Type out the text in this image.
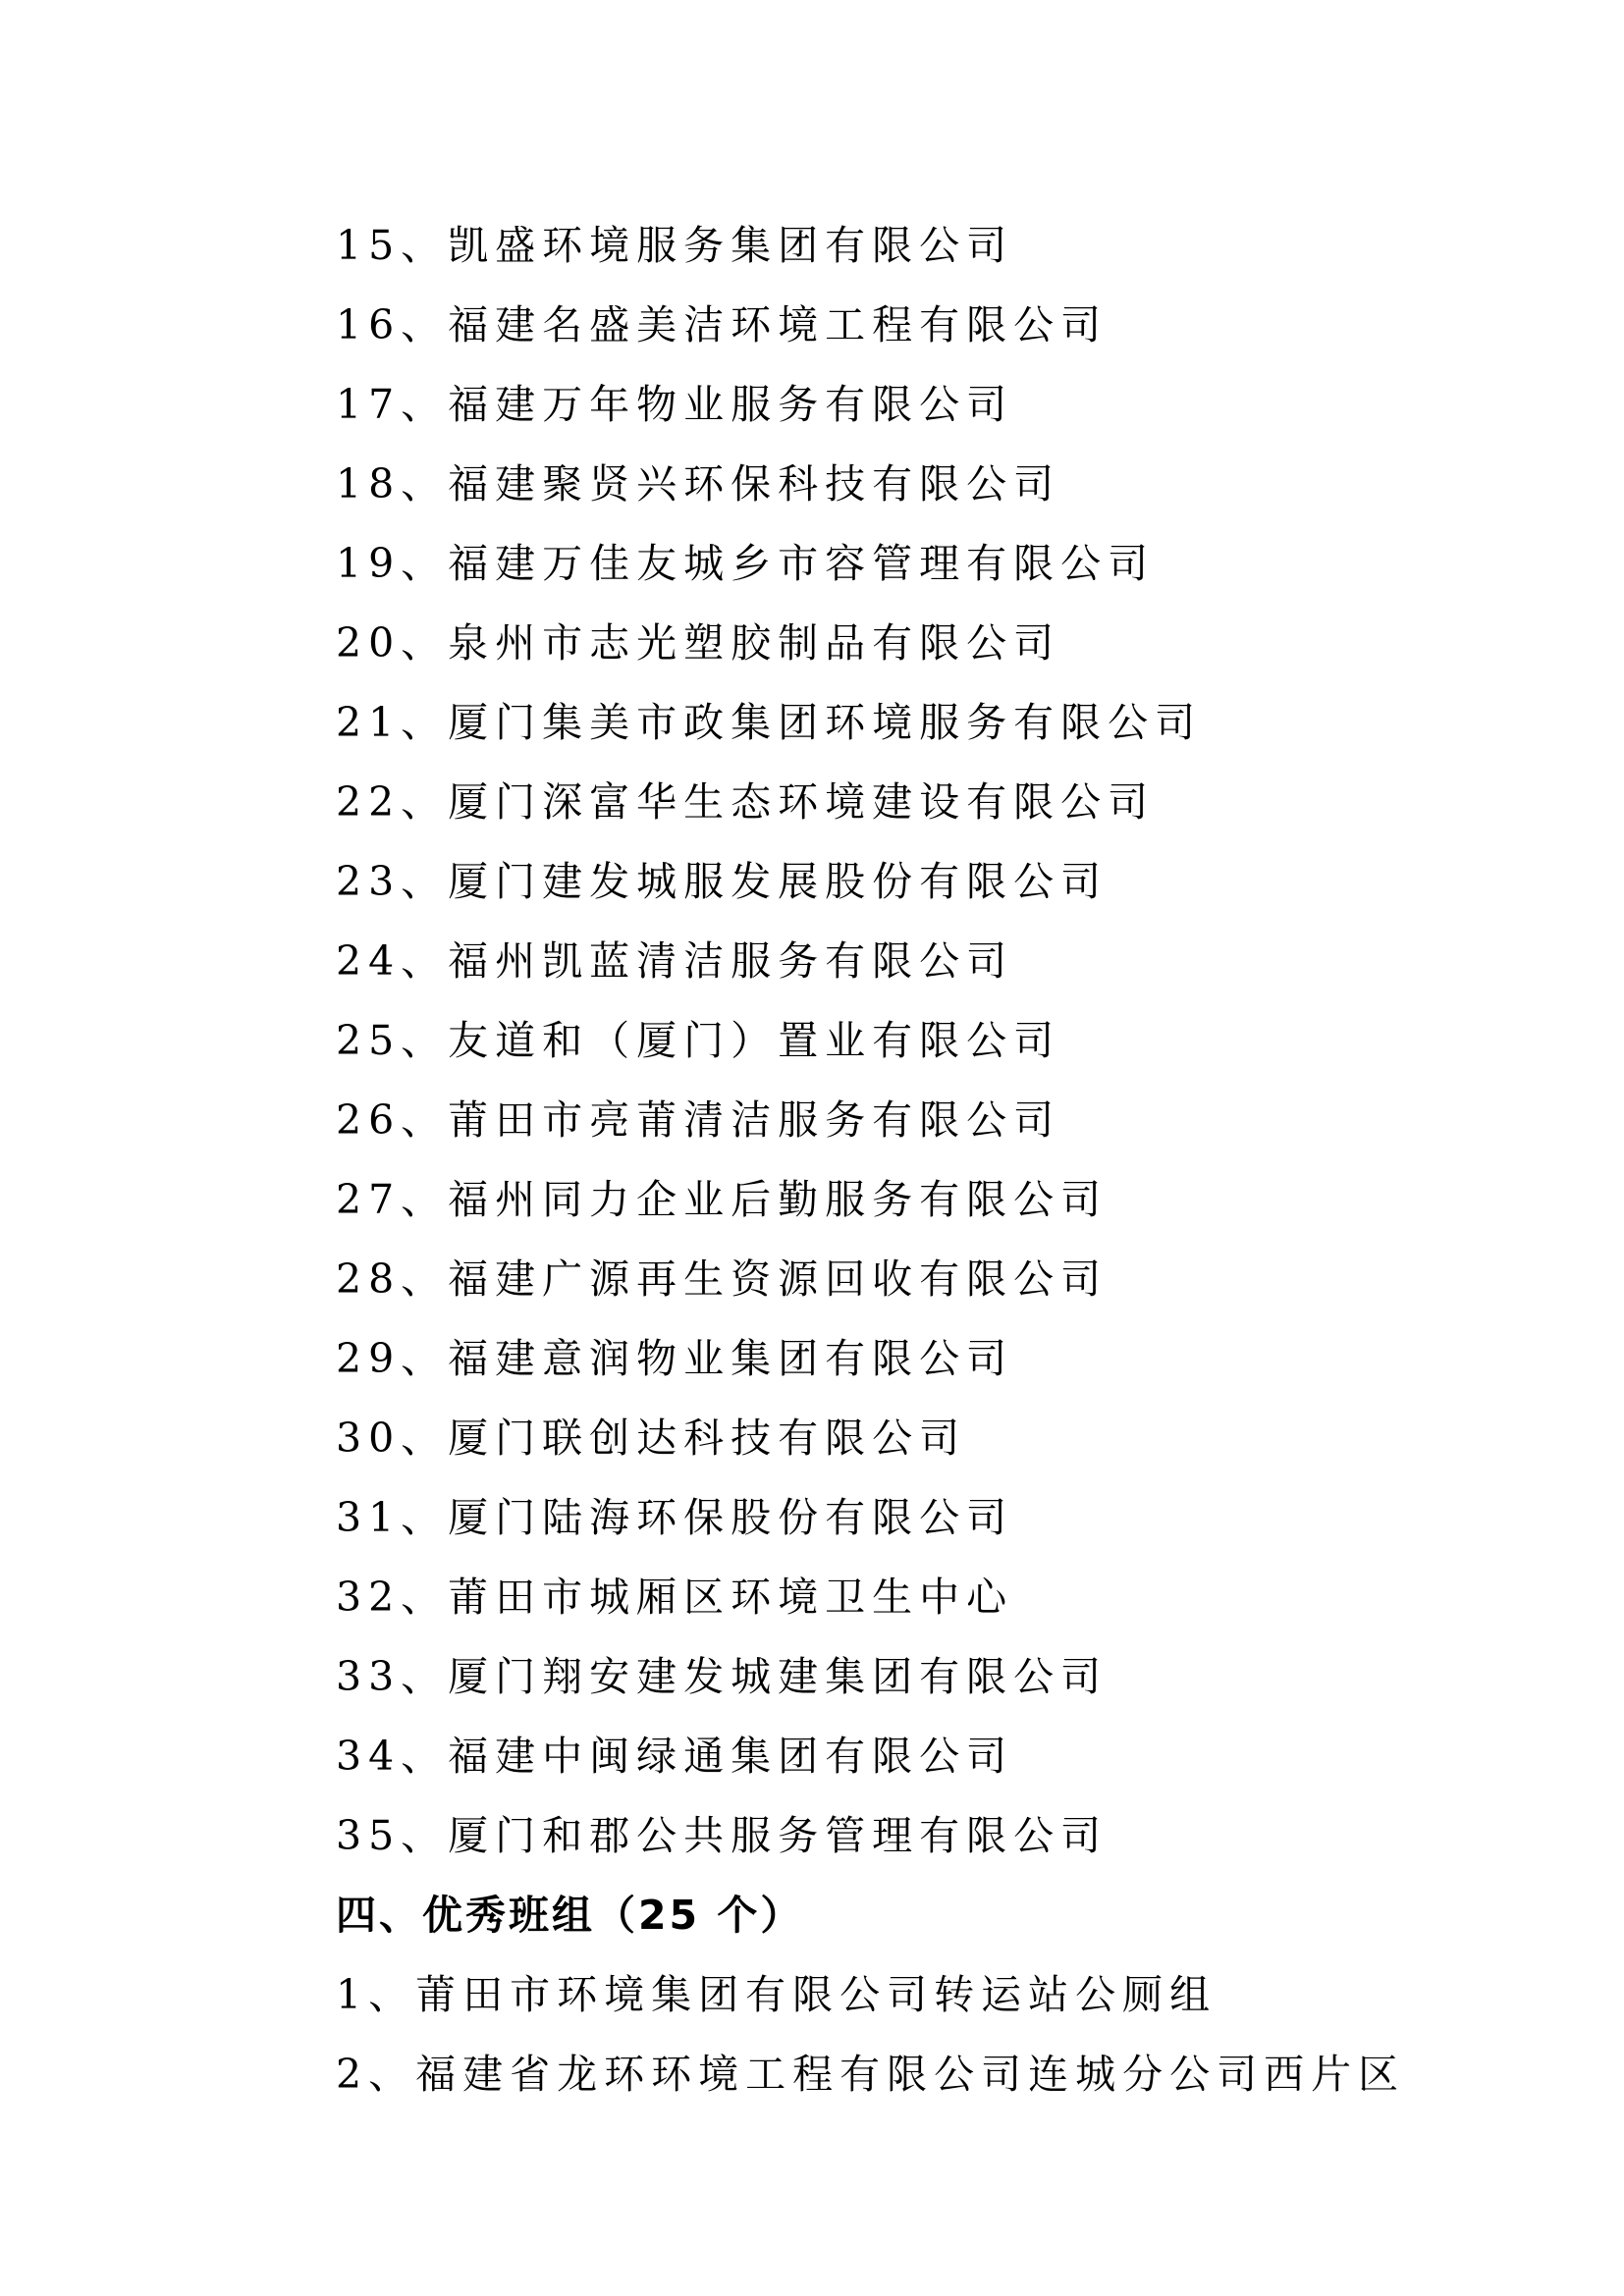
15、凯盛环境服务集团有限公司
16、福建名盛美洁环境工程有限公司
17、福建万年物业服务有限公司
18、福建聚贤兴环保科技有限公司
19、福建万佳友城乡市容管理有限公司
20、泉州市志光塑胶制品有限公司
21、厦门集美市政集团环境服务有限公司
22、厦门深富华生态环境建设有限公司
23、厦门建发城服发展股份有限公司
24、福州凯蓝清洁服务有限公司
25、友道和（厦门）置业有限公司
26、莆田市亮莆清洁服务有限公司
27、福州同力企业后勤服务有限公司
28、福建广源再生资源回收有限公司
29、福建意润物业集团有限公司
30、厦门联创达科技有限公司
31、厦门陆海环保股份有限公司
32、莆田市城厢区环境卫生中心
33、厦门翔安建发城建集团有限公司
34、福建中闽绿通集团有限公司
35、厦门和郡公共服务管理有限公司
四、优秀班组（25 个）
1、莆田市环境集团有限公司转运站公厕组
2、福建省龙环环境工程有限公司连城分公司西片区
